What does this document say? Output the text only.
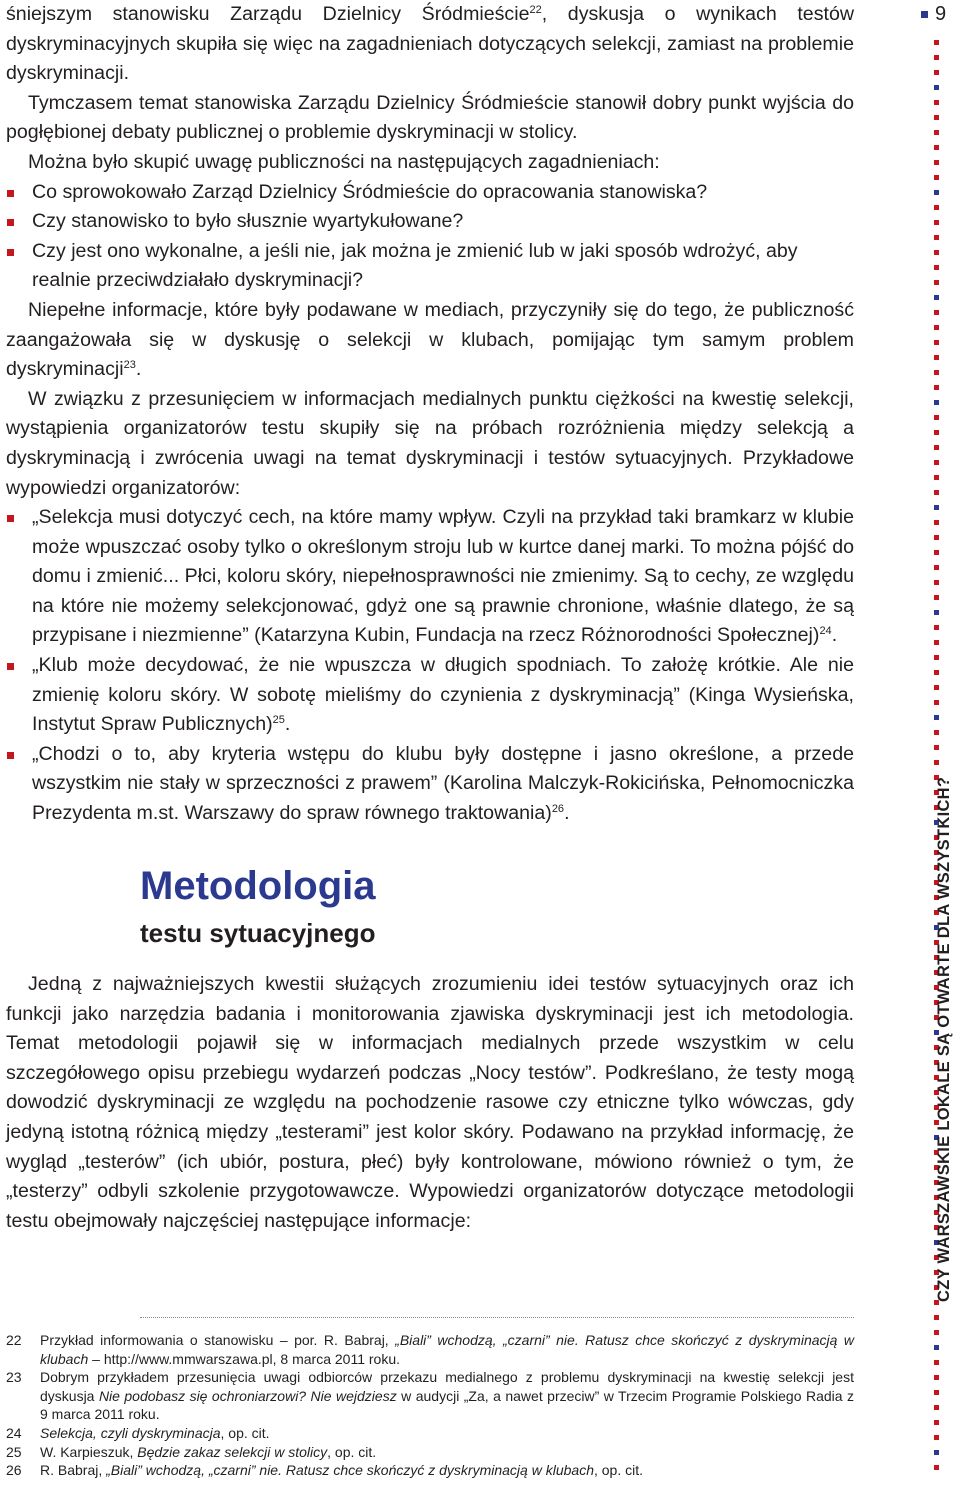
9
CZY WARSZAWSKIE LOKALE SĄ OTWARTE DLA WSZYSTKICH?

śniejszym stanowisku Zarządu Dzielnicy Śródmieście$^{22}$, dyskusja o wynikach testów dyskryminacyjnych skupiła się więc na zagadnieniach dotyczących selekcji, zamiast na problemie dyskryminacji.

Tymczasem temat stanowiska Zarządu Dzielnicy Śródmieście stanowił dobry punkt wyjścia do pogłębionej debaty publicznej o problemie dyskryminacji w stolicy.

Można było skupić uwagę publiczności na następujących zagadnieniach:

Co sprowokowało Zarząd Dzielnicy Śródmieście do opracowania stanowiska?
Czy stanowisko to było słusznie wyartykułowane?
Czy jest ono wykonalne, a jeśli nie, jak można je zmienić lub w jaki sposób wdrożyć, aby realnie przeciwdziałało dyskryminacji?

Niepełne informacje, które były podawane w mediach, przyczyniły się do tego, że publiczność zaangażowała się w dyskusję o selekcji w klubach, pomijając tym samym problem dyskryminacji$^{23}$.

W związku z przesunięciem w informacjach medialnych punktu ciężkości na kwestię selekcji, wystąpienia organizatorów testu skupiły się na próbach rozróżnienia między selekcją a dyskryminacją i zwrócenia uwagi na temat dyskryminacji i testów sytuacyjnych. Przykładowe wypowiedzi organizatorów:

„Selekcja musi dotyczyć cech, na które mamy wpływ. Czyli na przykład taki bramkarz w klubie może wpuszczać osoby tylko o określonym stroju lub w kurtce danej marki. To można pójść do domu i zmienić... Płci, koloru skóry, niepełnosprawności nie zmienimy. Są to cechy, ze względu na które nie możemy selekcjonować, gdyż one są prawnie chronione, właśnie dlatego, że są przypisane i niezmienne” (Katarzyna Kubin, Fundacja na rzecz Różnorodności Społecznej)$^{24}$.
„Klub może decydować, że nie wpuszcza w długich spodniach. To założę krótkie. Ale nie zmienię koloru skóry. W sobotę mieliśmy do czynienia z dyskryminacją” (Kinga Wysieńska, Instytut Spraw Publicznych)$^{25}$.
„Chodzi o to, aby kryteria wstępu do klubu były dostępne i jasno określone, a przede wszystkim nie stały w sprzeczności z prawem” (Karolina Malczyk-Rokicińska, Pełnomocniczka Prezydenta m.st. Warszawy do spraw równego traktowania)$^{26}$.
Metodologia
testu sytuacyjnego

Jedną z najważniejszych kwestii służących zrozumieniu idei testów sytuacyjnych oraz ich funkcji jako narzędzia badania i monitorowania zjawiska dyskryminacji jest ich metodologia. Temat metodologii pojawił się w informacjach medialnych przede wszystkim w celu szczegółowego opisu przebiegu wydarzeń podczas „Nocy testów”. Podkreślano, że testy mogą dowodzić dyskryminacji ze względu na pochodzenie rasowe czy etniczne tylko wówczas, gdy jedyną istotną różnicą między „testerami” jest kolor skóry. Podawano na przykład informację, że wygląd „testerów” (ich ubiór, postura, płeć) były kontrolowane, mówiono również o tym, że „testerzy” odbyli szkolenie przygotowawcze. Wypowiedzi organizatorów dotyczące metodologii testu obejmowały najczęściej następujące informacje:

22 Przykład informowania o stanowisku – por. R. Babraj, „Biali” wchodzą, „czarni” nie. Ratusz chce skończyć z dyskryminacją w klubach – http://www.mmwarszawa.pl, 8 marca 2011 roku.
23 Dobrym przykładem przesunięcia uwagi odbiorców przekazu medialnego z problemu dyskryminacji na kwestię selekcji jest dyskusja Nie podobasz się ochroniarzowi? Nie wejdziesz w audycji „Za, a nawet przeciw” w Trzecim Programie Polskiego Radia z 9 marca 2011 roku.
24 Selekcja, czyli dyskryminacja, op. cit.
25 W. Karpieszuk, Będzie zakaz selekcji w stolicy, op. cit.
26 R. Babraj, „Biali” wchodzą, „czarni” nie. Ratusz chce skończyć z dyskryminacją w klubach, op. cit.
